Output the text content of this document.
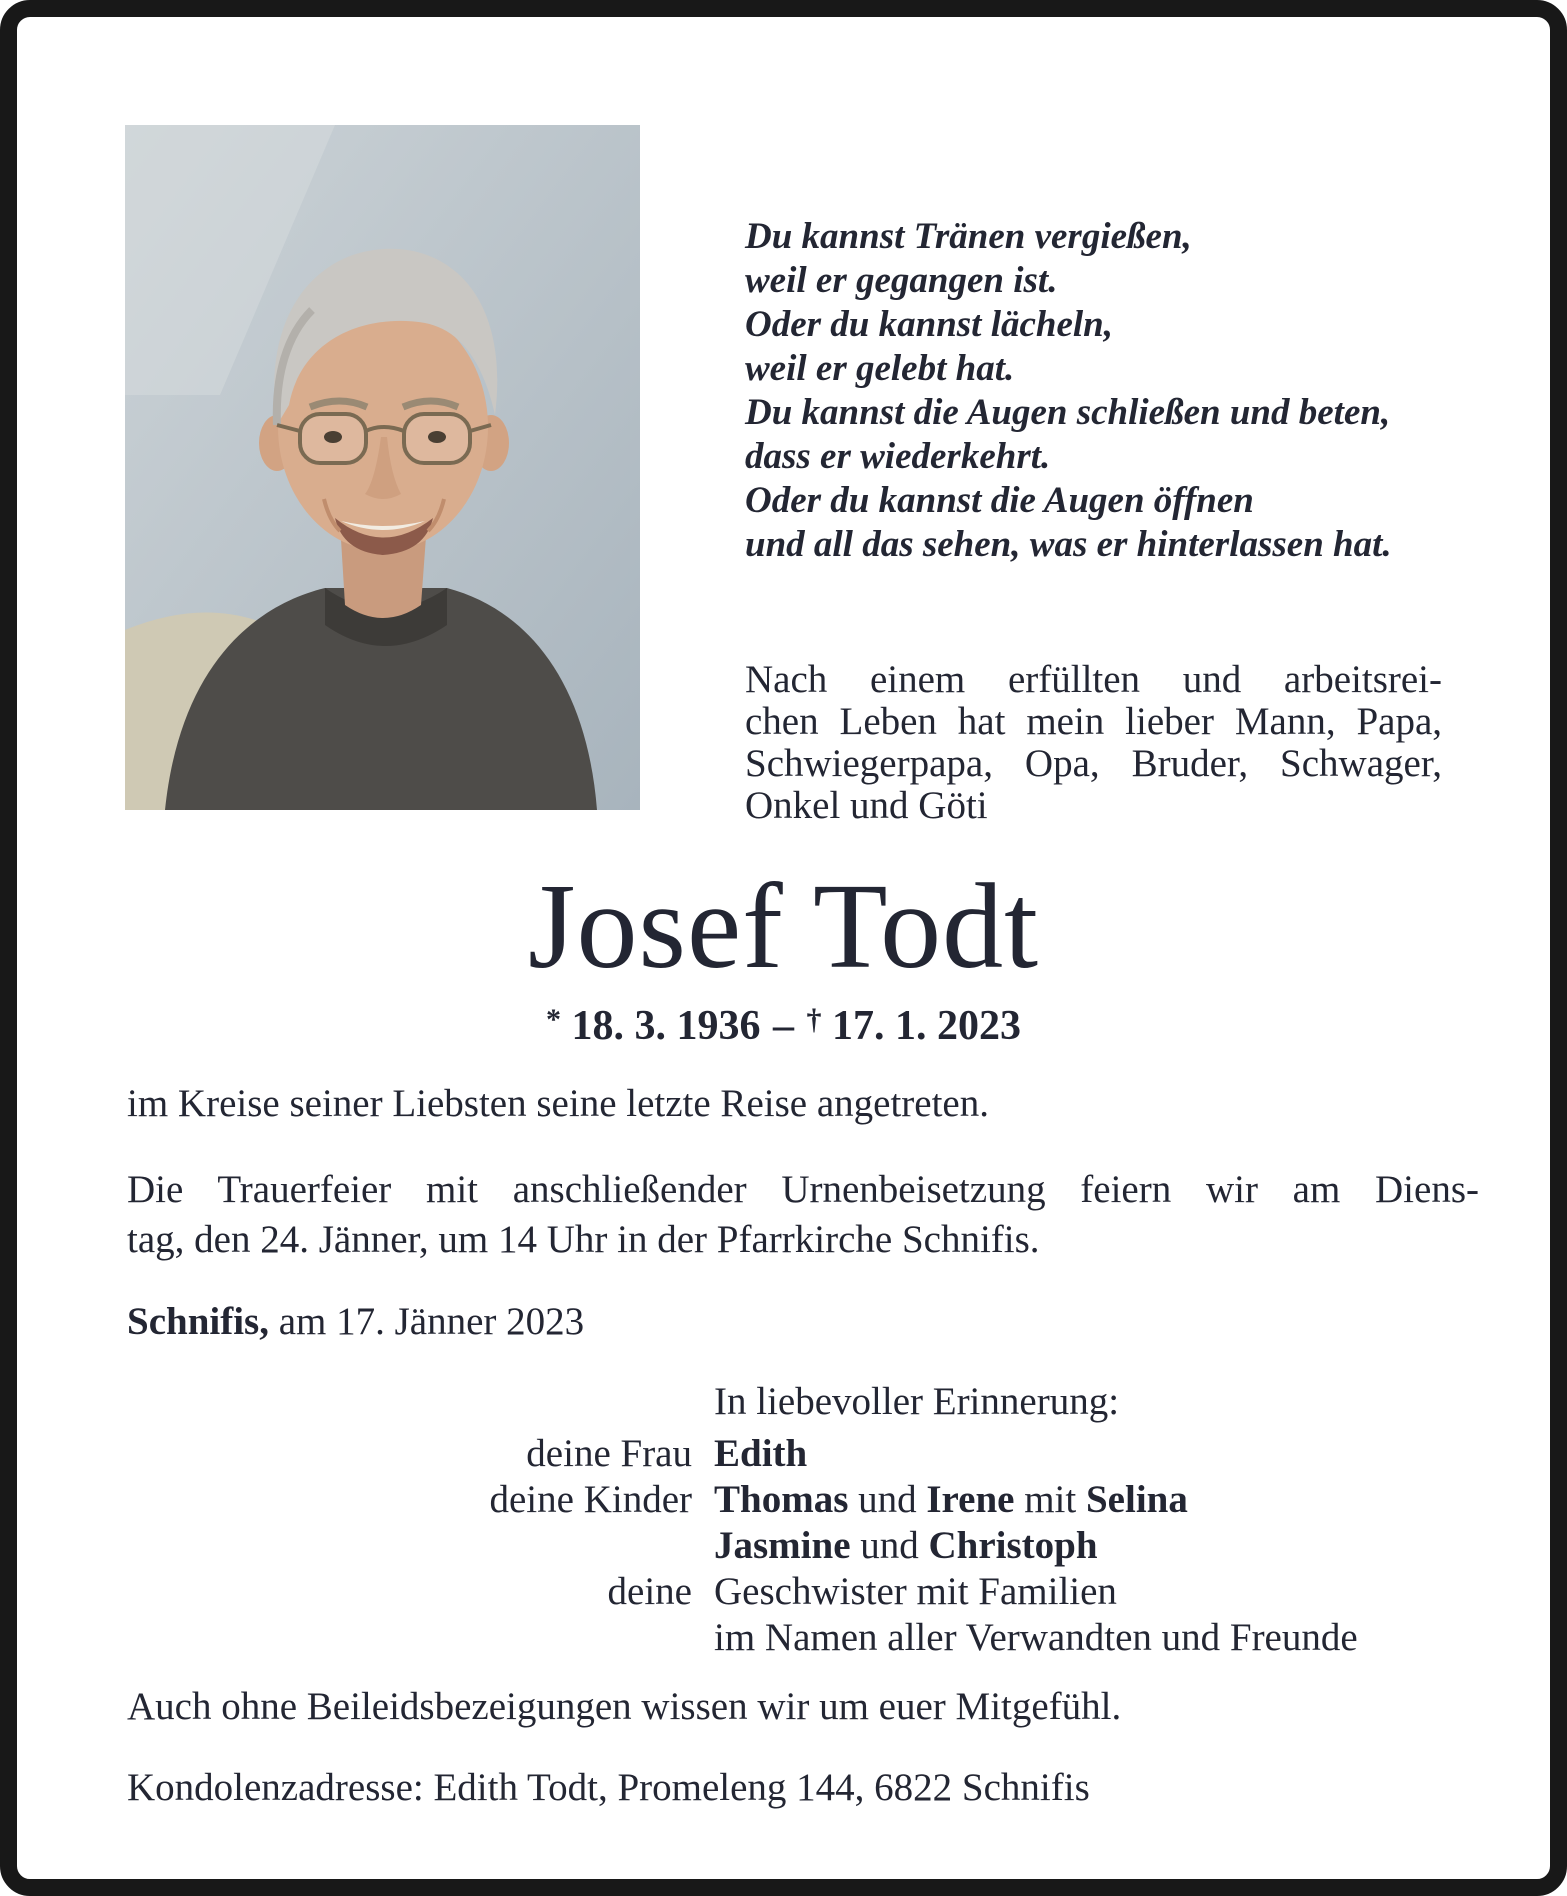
Du kannst Tränen vergießen,
weil er gegangen ist.
Oder du kannst lächeln,
weil er gelebt hat.
Du kannst die Augen schließen und beten,
dass er wiederkehrt.
Oder du kannst die Augen öffnen
und all das sehen, was er hinterlassen hat.
Nach einem erfüllten und arbeitsrei-
chen Leben hat mein lieber Mann, Papa,
Schwiegerpapa, Opa, Bruder, Schwager,
Onkel und Göti
Josef Todt
* 18. 3. 1936 – † 17. 1. 2023
im Kreise seiner Liebsten seine letzte Reise angetreten.
Die Trauerfeier mit anschließender Urnenbeisetzung feiern wir am Diens-
tag, den 24. Jänner, um 14 Uhr in der Pfarrkirche Schnifis.
Schnifis, am 17. Jänner 2023
In liebevoller Erinnerung:
deine Frau Edith
deine Kinder Thomas und Irene mit Selina
Jasmine und Christoph
deine Geschwister mit Familien
im Namen aller Verwandten und Freunde
Auch ohne Beileidsbezeigungen wissen wir um euer Mitgefühl.
Kondolenzadresse: Edith Todt, Promeleng 144, 6822 Schnifis
